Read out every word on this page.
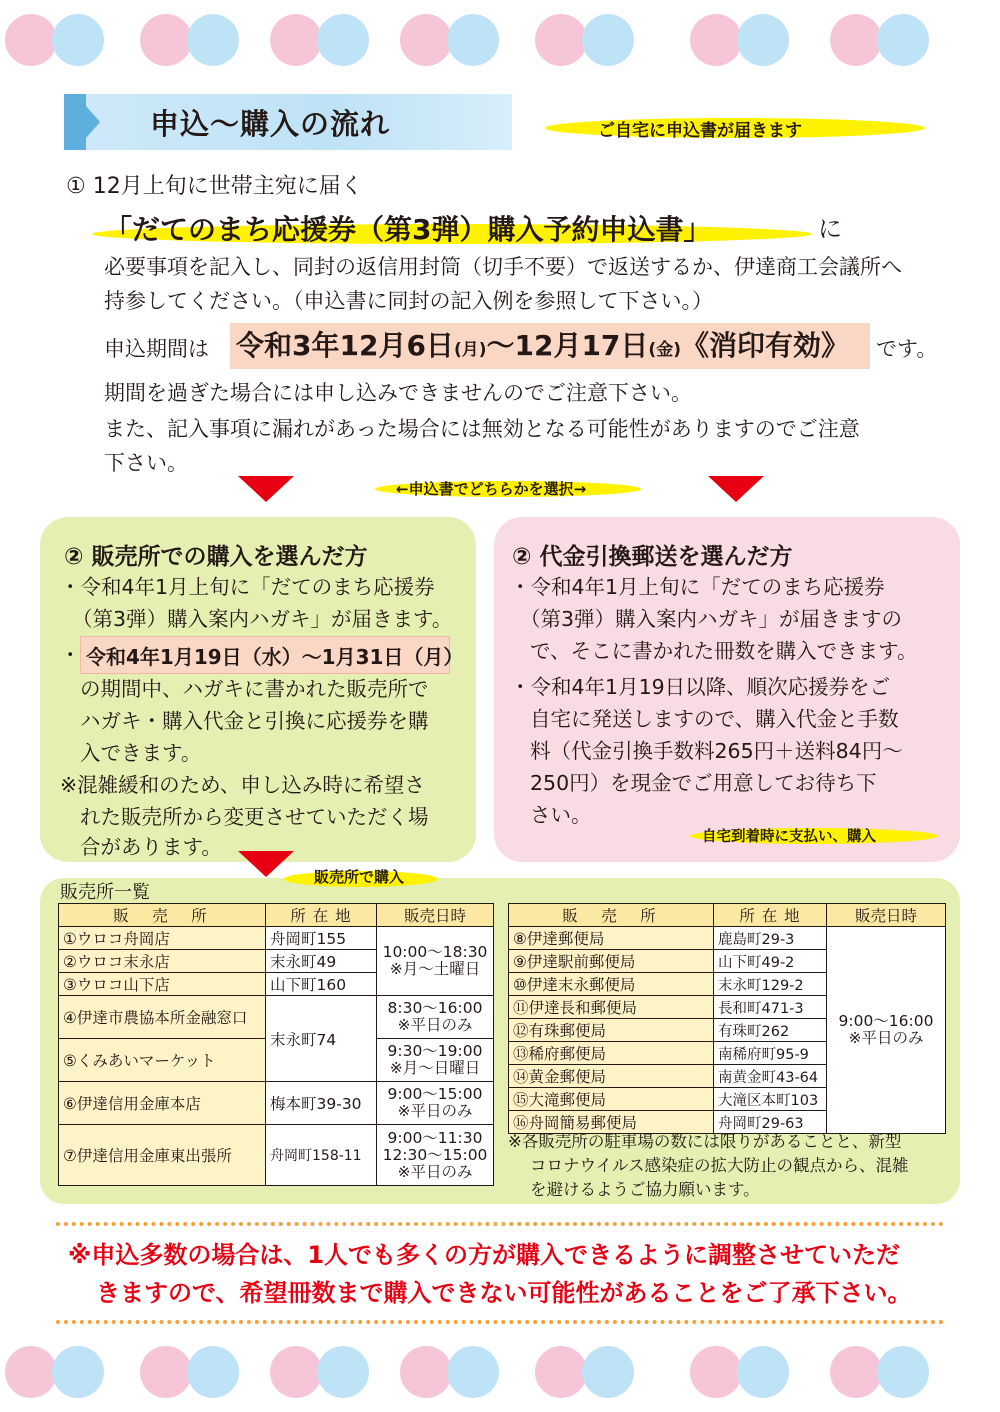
申込～購入の流れ	ご自宅に申込書が届きます
① 12月上旬に世帯主宛に届く
「だてのまち応援券（第3弾）購入予約申込書」	に
必要事項を記入し、同封の返信用封筒（切手不要）で返送するか、伊達商工会議所へ
持参してください。（申込書に同封の記入例を参照して下さい。）
申込期間は 令和3年12月6日(月)～12月17日(金)《消印有効》 です。
期間を過ぎた場合には申し込みできませんのでご注意下さい。
また、記入事項に漏れがあった場合には無効となる可能性がありますのでご注意
下さい。
←申込書でどちらかを選択→
② 販売所での購入を選んだ方
・令和4年1月上旬に「だてのまち応援券
（第3弾）購入案内ハガキ」が届きます。
・ 令和4年1月19日（水）～1月31日（月）
の期間中、ハガキに書かれた販売所で
ハガキ・購入代金と引換に応援券を購
入できます。
※混雑緩和のため、申し込み時に希望さ
れた販売所から変更させていただく場
合があります。
② 代金引換郵送を選んだ方
・令和4年1月上旬に「だてのまち応援券
（第3弾）購入案内ハガキ」が届きますの
で、そこに書かれた冊数を購入できます。
・令和4年1月19日以降、順次応援券をご
自宅に発送しますので、購入代金と手数
料（代金引換手数料265円＋送料84円～
250円）を現金でご用意してお待ち下
さい。
自宅到着時に支払い、購入
販売所で購入
販売所一覧
販　売　所	所 在 地	販売日時
①ウロコ舟岡店	舟岡町155	10:00～18:30
※月～土曜日

②ウロコ末永店	末永町49	
③ウロコ山下店	山下町160	
④伊達市農協本所金融窓口	末永町74	8:30～16:00
※平日のみ

⑤くみあいマーケット		9:30～19:00
※月～日曜日

⑥伊達信用金庫本店	梅本町39-30	9:00～15:00
※平日のみ

⑦伊達信用金庫東出張所	舟岡町158-11	9:00～11:30
12:30～15:00
※平日のみ
販　売　所	所 在 地	販売日時
⑧伊達郵便局	鹿島町29-3	9:00～16:00
※平日のみ

⑨伊達駅前郵便局	山下町49-2	
⑩伊達末永郵便局	末永町129-2	
⑪伊達長和郵便局	長和町471-3	
⑫有珠郵便局	有珠町262	
⑬稀府郵便局	南稀府町95-9	
⑭黄金郵便局	南黄金町43-64	
⑮大滝郵便局	大滝区本町103	
⑯舟岡簡易郵便局	舟岡町29-63	
※各販売所の駐車場の数には限りがあることと、新型
コロナウイルス感染症の拡大防止の観点から、混雑
を避けるようご協力願います。
※申込多数の場合は、1人でも多くの方が購入できるように調整させていただ
きますので、希望冊数まで購入できない可能性があることをご了承下さい。
